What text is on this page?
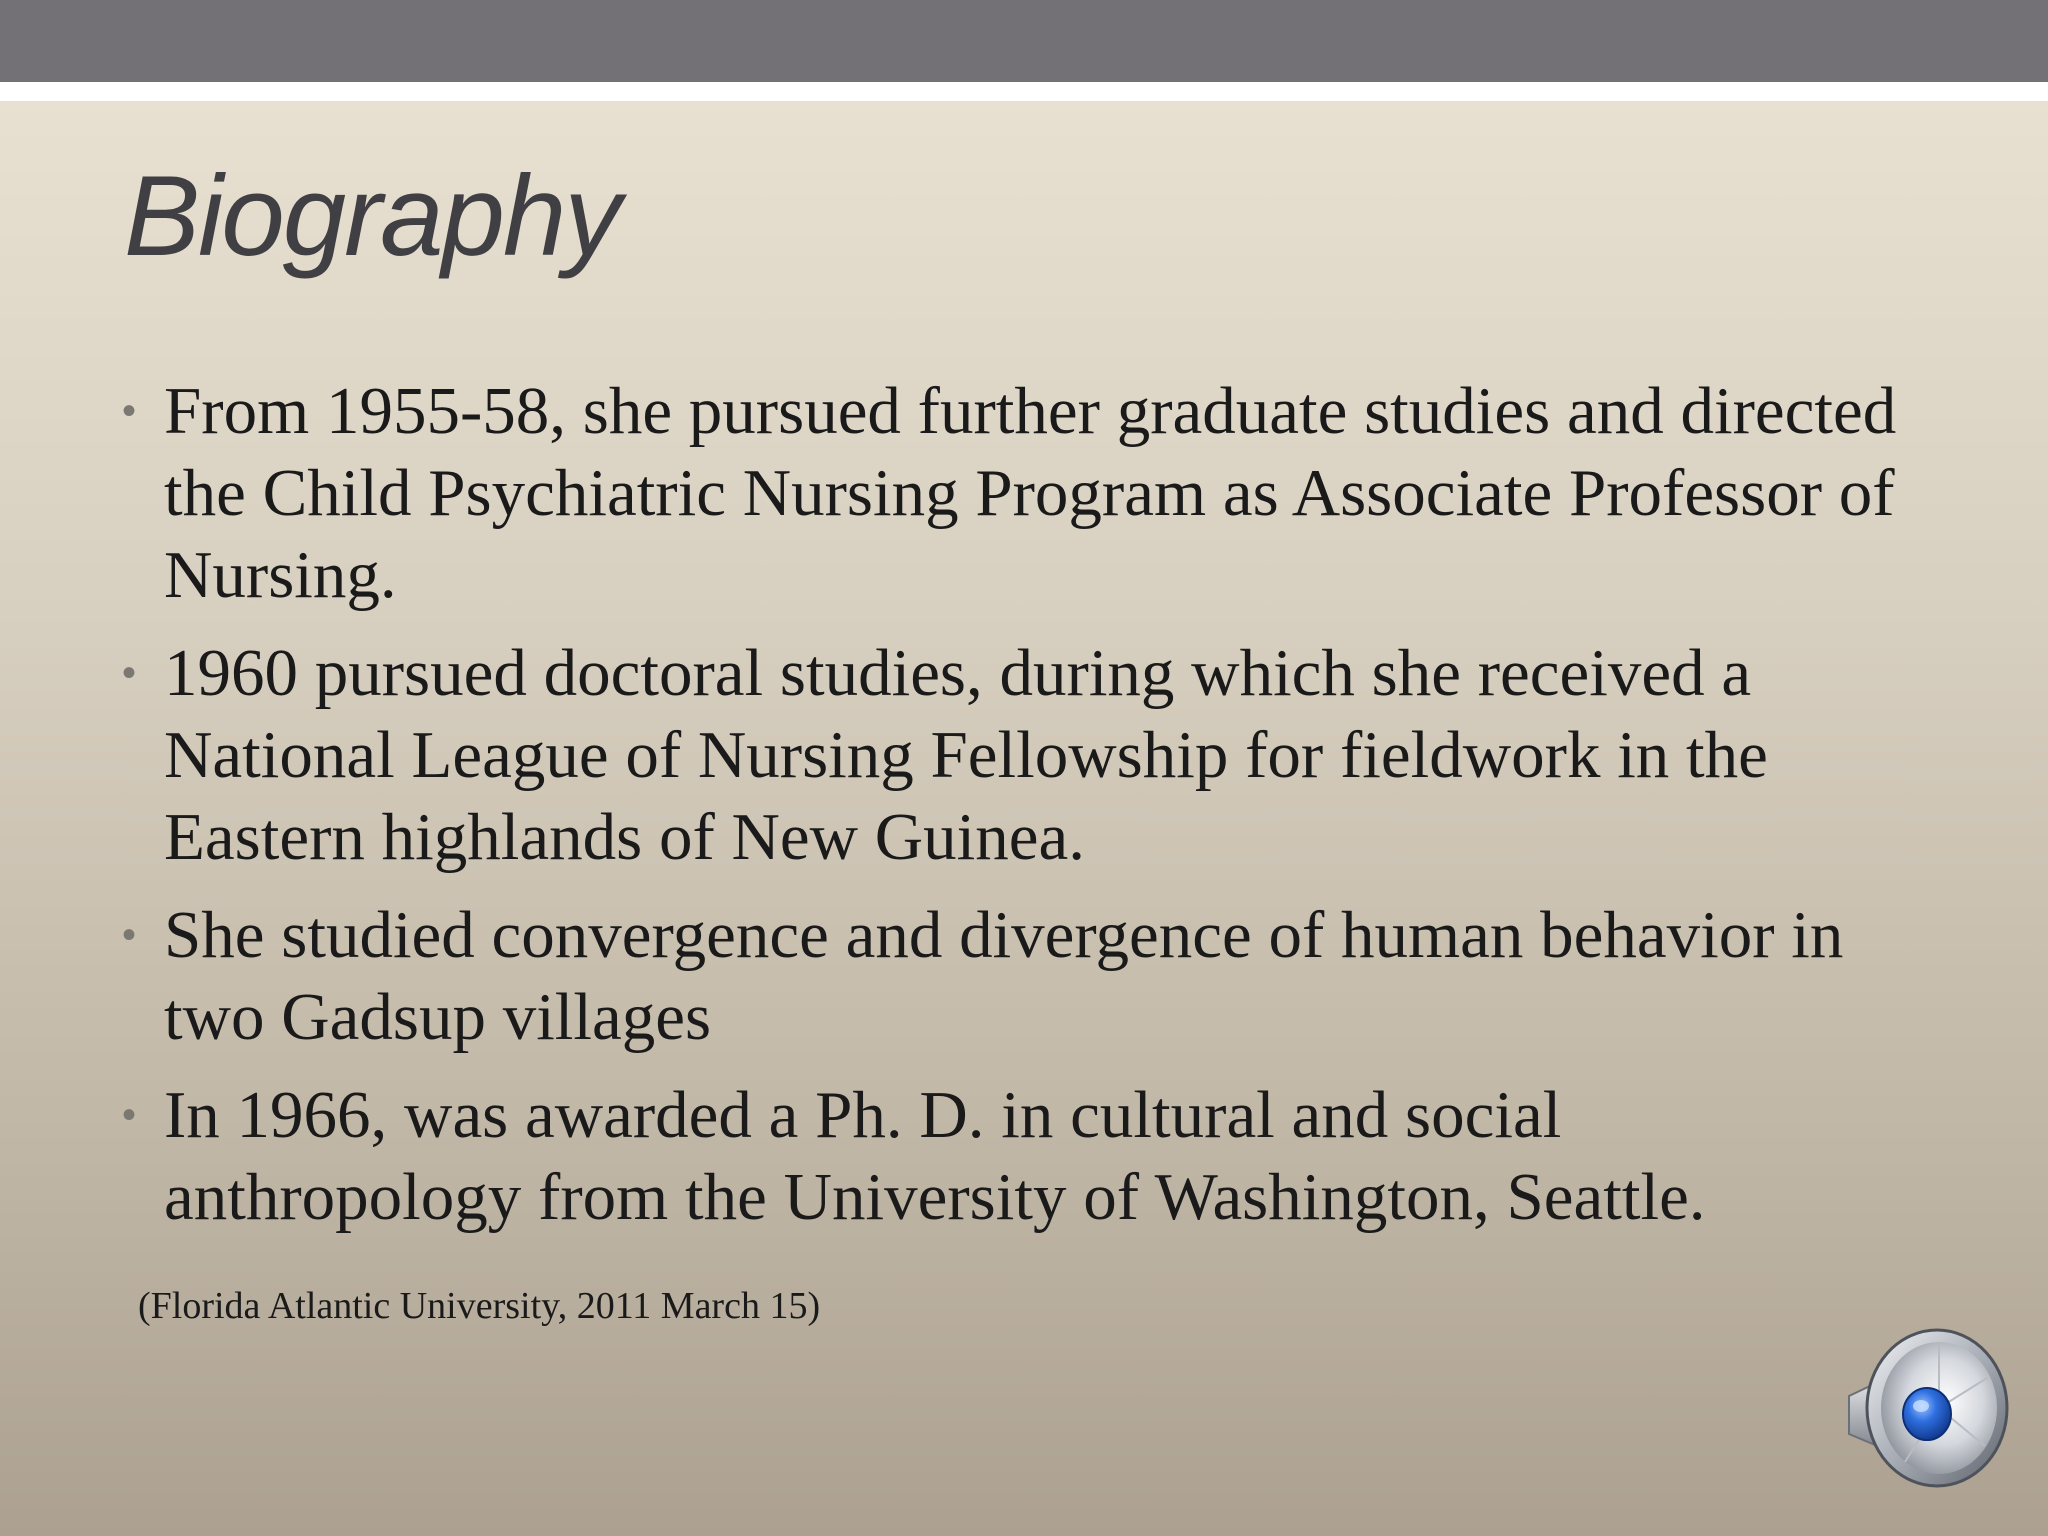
Biography
• From 1955-58, she pursued further graduate studies and directed the Child Psychiatric Nursing Program as Associate Professor of Nursing.
• 1960 pursued doctoral studies, during which she received a National League of Nursing Fellowship for fieldwork in the Eastern highlands of New Guinea.
• She studied convergence and divergence of human behavior in two Gadsup villages
• In 1966, was awarded a Ph. D. in cultural and social anthropology from the University of Washington, Seattle.
(Florida Atlantic University, 2011 March 15)
